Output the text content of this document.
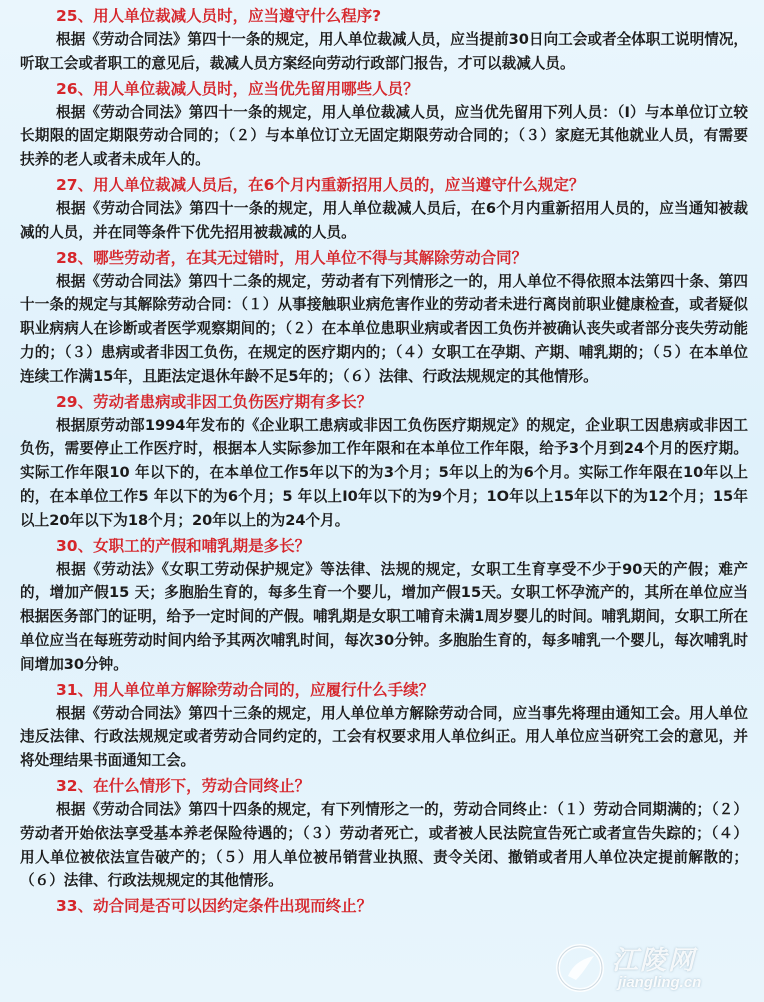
25、用人单位裁减人员时，应当遵守什么程序?

根据《劳动合同法》第四十一条的规定，用人单位裁减人员，应当提前30日向工会或者全体职工说明情况，听取工会或者职工的意见后，裁减人员方案经向劳动行政部门报告，才可以裁减人员。

26、用人单位裁减人员时，应当优先留用哪些人员？

根据《劳动合同法》第四十一条的规定，用人单位裁减人员，应当优先留用下列人员：（Ⅰ）与本单位订立较长期限的固定期限劳动合同的；（２）与本单位订立无固定期限劳动合同的；（３）家庭无其他就业人员，有需要扶养的老人或者未成年人的。

27、用人单位裁减人员后，在6个月内重新招用人员的，应当遵守什么规定？

根据《劳动合同法》第四十一条的规定，用人单位裁减人员后，在6个月内重新招用人员的，应当通知被裁减的人员，并在同等条件下优先招用被裁减的人员。

28、哪些劳动者，在其无过错时，用人单位不得与其解除劳动合同？

根据《劳动合同法》第四十二条的规定，劳动者有下列情形之一的，用人单位不得依照本法第四十条、第四十一条的规定与其解除劳动合同：（１）从事接触职业病危害作业的劳动者未进行离岗前职业健康检查，或者疑似职业病病人在诊断或者医学观察期间的；（２）在本单位患职业病或者因工负伤并被确认丧失或者部分丧失劳动能力的；（３）患病或者非因工负伤，在规定的医疗期内的；（４）女职工在孕期、产期、哺乳期的；（５）在本单位连续工作满15年，且距法定退休年龄不足5年的；（６）法律、行政法规规定的其他情形。

29、劳动者患病或非因工负伤医疗期有多长？

根据原劳动部1994年发布的《企业职工患病或非因工负伤医疗期规定》的规定，企业职工因患病或非因工负伤，需要停止工作医疗时，根据本人实际参加工作年限和在本单位工作年限，给予3个月到24个月的医疗期。实际工作年限10 年以下的，在本单位工作5年以下的为3个月；5年以上的为6个月。实际工作年限在10年以上的，在本单位工作5 年以下的为6个月；5 年以上I0年以下的为9个月；1O年以上15年以下的为12个月；15年以上20年以下为18个月；20年以上的为24个月。

30、女职工的产假和哺乳期是多长？

根据《劳动法》《女职工劳动保护规定》等法律、法规的规定，女职工生育享受不少于90天的产假；难产的，增加产假15 天；多胞胎生育的，每多生育一个婴儿，增加产假15天。女职工怀孕流产的，其所在单位应当根据医务部门的证明，给予一定时间的产假。哺乳期是女职工哺育未满1周岁婴儿的时间。哺乳期间，女职工所在单位应当在每班劳动时间内给予其两次哺乳时间，每次30分钟。多胞胎生育的，每多哺乳一个婴儿，每次哺乳时间增加30分钟。

31、用人单位单方解除劳动合同的，应履行什么手续？

根据《劳动合同法》第四十三条的规定，用人单位单方解除劳动合同，应当事先将理由通知工会。用人单位违反法律、行政法规规定或者劳动合同约定的，工会有权要求用人单位纠正。用人单位应当研究工会的意见，并将处理结果书面通知工会。

32、在什么情形下，劳动合同终止？

根据《劳动合同法》第四十四条的规定，有下列情形之一的，劳动合同终止：（１）劳动合同期满的；（２）劳动者开始依法享受基本养老保险待遇的；（３）劳动者死亡，或者被人民法院宣告死亡或者宣告失踪的；（４）用人单位被依法宣告破产的；（５）用人单位被吊销营业执照、责令关闭、撤销或者用人单位决定提前解散的；（６）法律、行政法规规定的其他情形。

33、动合同是否可以因约定条件出现而终止？
江陵网
jiangling.cn
